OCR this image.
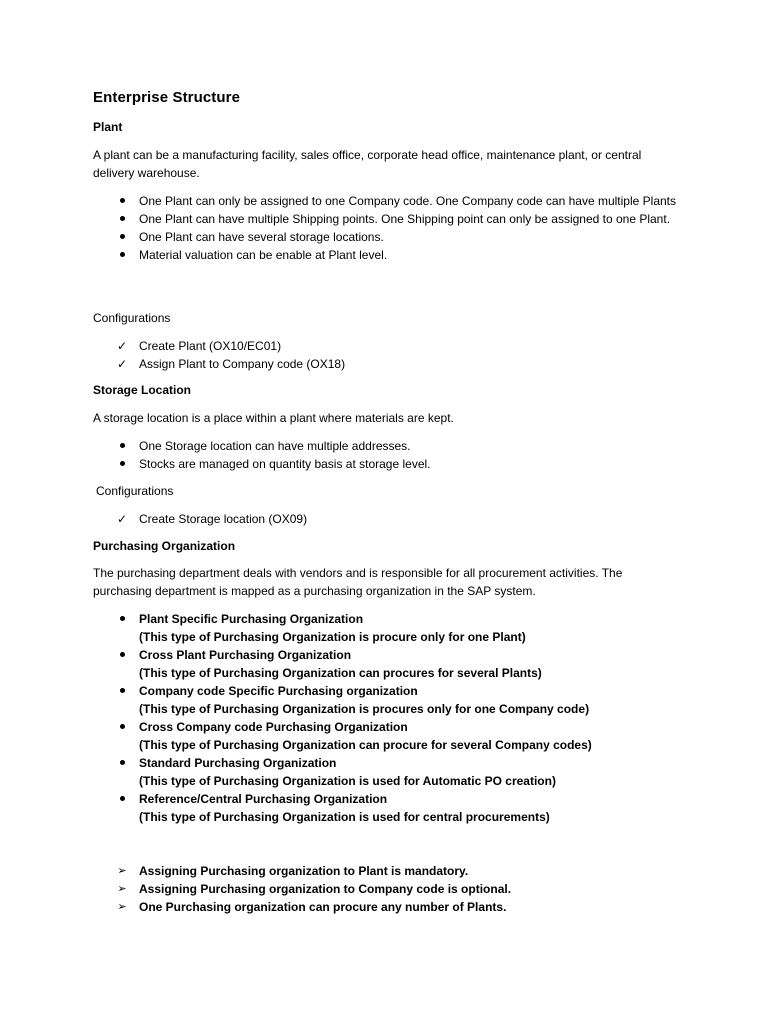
Enterprise Structure
Plant
A plant can be a manufacturing facility, sales office, corporate head office, maintenance plant, or central delivery warehouse.
One Plant can only be assigned to one Company code. One Company code can have multiple Plants
One Plant can have multiple Shipping points. One Shipping point can only be assigned to one Plant.
One Plant can have several storage locations.
Material valuation can be enable at Plant level.
Configurations
✓ Create Plant (OX10/EC01)
✓ Assign Plant to Company code (OX18)
Storage Location
A storage location is a place within a plant where materials are kept.
One Storage location can have multiple addresses.
Stocks are managed on quantity basis at storage level.
Configurations
✓ Create Storage location (OX09)
Purchasing Organization
The purchasing department deals with vendors and is responsible for all procurement activities. The purchasing department is mapped as a purchasing organization in the SAP system.
Plant Specific Purchasing Organization
(This type of Purchasing Organization is procure only for one Plant)
Cross Plant Purchasing Organization
(This type of Purchasing Organization can procures for several Plants)
Company code Specific Purchasing organization
(This type of Purchasing Organization is procures only for one Company code)
Cross Company code Purchasing Organization
(This type of Purchasing Organization can procure for several Company codes)
Standard Purchasing Organization
(This type of Purchasing Organization is used for Automatic PO creation)
Reference/Central Purchasing Organization
(This type of Purchasing Organization is used for central procurements)
➢ Assigning Purchasing organization to Plant is mandatory.
➢ Assigning Purchasing organization to Company code is optional.
➢ One Purchasing organization can procure any number of Plants.
